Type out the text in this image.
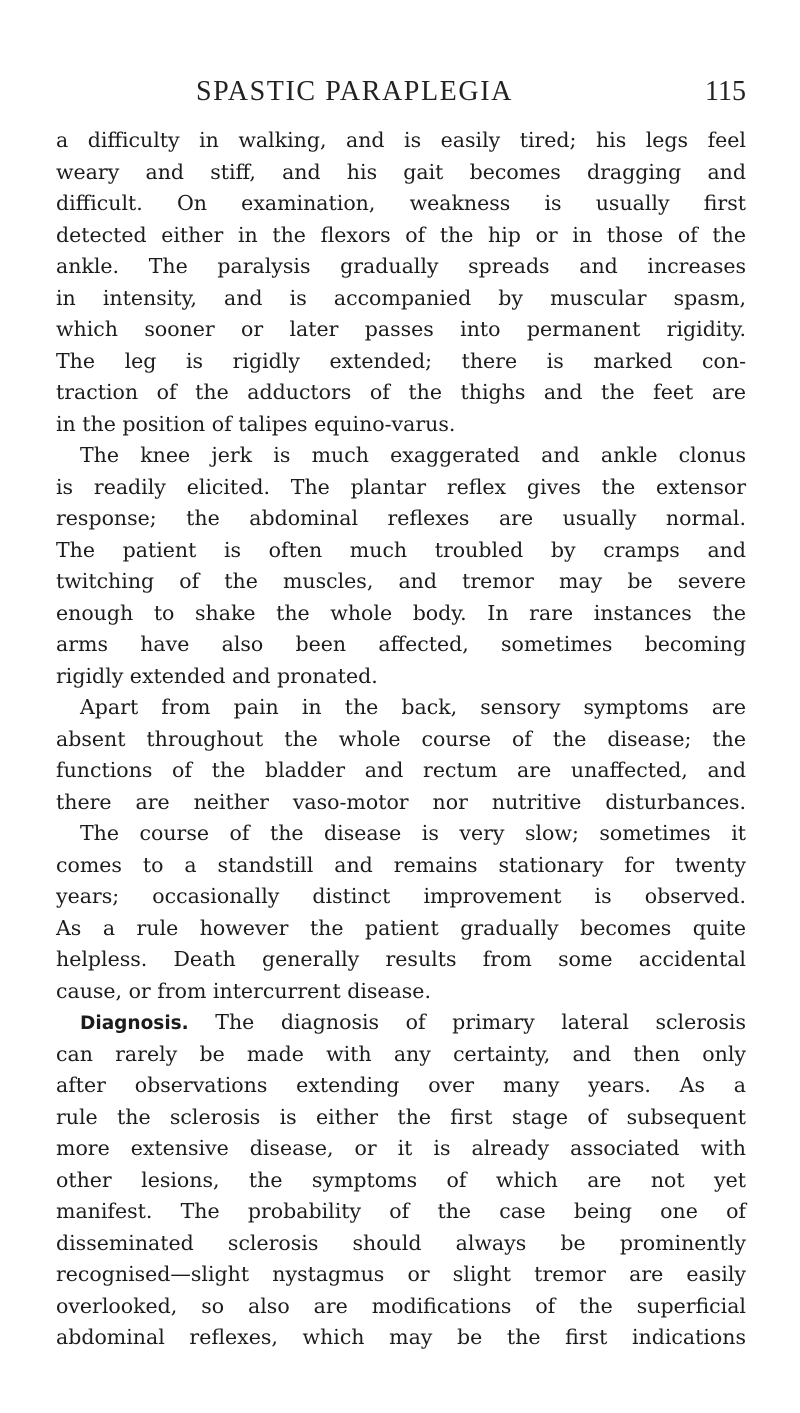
SPASTIC PARAPLEGIA	115
a difficulty in walking, and is easily tired; his legs feel
weary and stiff, and his gait becomes dragging and
difficult. On examination, weakness is usually first
detected either in the flexors of the hip or in those of the
ankle. The paralysis gradually spreads and increases
in intensity, and is accompanied by muscular spasm,
which sooner or later passes into permanent rigidity.
The leg is rigidly extended; there is marked con-
traction of the adductors of the thighs and the feet are
in the position of talipes equino-varus.
The knee jerk is much exaggerated and ankle clonus
is readily elicited. The plantar reflex gives the extensor
response; the abdominal reflexes are usually normal.
The patient is often much troubled by cramps and
twitching of the muscles, and tremor may be severe
enough to shake the whole body. In rare instances the
arms have also been affected, sometimes becoming
rigidly extended and pronated.
Apart from pain in the back, sensory symptoms are
absent throughout the whole course of the disease; the
functions of the bladder and rectum are unaffected, and
there are neither vaso-motor nor nutritive disturbances.
The course of the disease is very slow; sometimes it
comes to a standstill and remains stationary for twenty
years; occasionally distinct improvement is observed.
As a rule however the patient gradually becomes quite
helpless. Death generally results from some accidental
cause, or from intercurrent disease.
Diagnosis. The diagnosis of primary lateral sclerosis
can rarely be made with any certainty, and then only
after observations extending over many years. As a
rule the sclerosis is either the first stage of subsequent
more extensive disease, or it is already associated with
other lesions, the symptoms of which are not yet
manifest. The probability of the case being one of
disseminated sclerosis should always be prominently
recognised—slight nystagmus or slight tremor are easily
overlooked, so also are modifications of the superficial
abdominal reflexes, which may be the first indications
